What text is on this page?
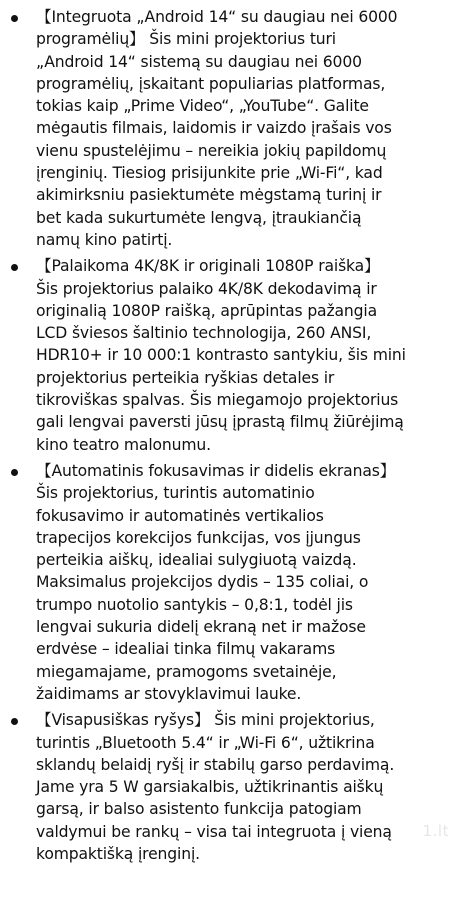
【Integruota „Android 14“ su daugiau nei 6000
programėlių】 Šis mini projektorius turi
„Android 14“ sistemą su daugiau nei 6000
programėlių, įskaitant populiarias platformas,
tokias kaip „Prime Video“, „YouTube“. Galite
mėgautis filmais, laidomis ir vaizdo įrašais vos
vienu spustelėjimu – nereikia jokių papildomų
įrenginių. Tiesiog prisijunkite prie „Wi-Fi“, kad
akimirksniu pasiektumėte mėgstamą turinį ir
bet kada sukurtumėte lengvą, įtraukiančią
namų kino patirtį.
【Palaikoma 4K/8K ir originali 1080P raiška】
Šis projektorius palaiko 4K/8K dekodavimą ir
originalią 1080P raišką, aprūpintas pažangia
LCD šviesos šaltinio technologija, 260 ANSI,
HDR10+ ir 10 000:1 kontrasto santykiu, šis mini
projektorius perteikia ryškias detales ir
tikroviškas spalvas. Šis miegamojo projektorius
gali lengvai paversti jūsų įprastą filmų žiūrėjimą
kino teatro malonumu.
【Automatinis fokusavimas ir didelis ekranas】
Šis projektorius, turintis automatinio
fokusavimo ir automatinės vertikalios
trapecijos korekcijos funkcijas, vos įjungus
perteikia aiškų, idealiai sulygiuotą vaizdą.
Maksimalus projekcijos dydis – 135 coliai, o
trumpo nuotolio santykis – 0,8:1, todėl jis
lengvai sukuria didelį ekraną net ir mažose
erdvėse – idealiai tinka filmų vakarams
miegamajame, pramogoms svetainėje,
žaidimams ar stovyklavimui lauke.
【Visapusiškas ryšys】 Šis mini projektorius,
turintis „Bluetooth 5.4“ ir „Wi-Fi 6“, užtikrina
sklandų belaidį ryšį ir stabilų garso perdavimą.
Jame yra 5 W garsiakalbis, užtikrinantis aiškų
garsą, ir balso asistento funkcija patogiam
valdymui be rankų – visa tai integruota į vieną
kompaktišką įrenginį.
1.lt
